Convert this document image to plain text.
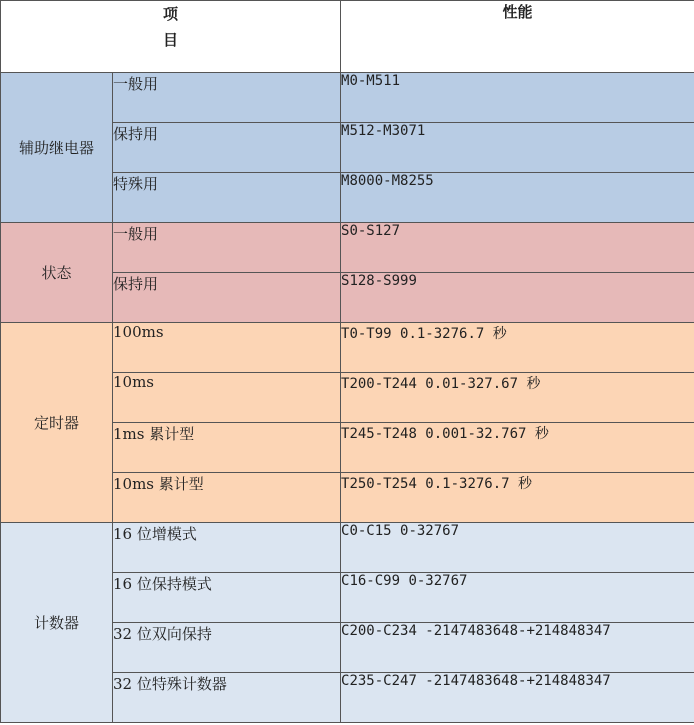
项
目		性能
辅助继电器	一般用	M0-M511
	保持用	M512-M3071
	特殊用	M8000-M8255
状态	一般用	S0-S127
	保持用	S128-S999
定时器	100ms	T0-T99 0.1-3276.7 秒
	10ms	T200-T244 0.01-327.67 秒
	1ms 累计型	T245-T248 0.001-32.767 秒
	10ms 累计型	T250-T254 0.1-3276.7 秒
计数器	16 位增模式	C0-C15 0-32767
	16 位保持模式	C16-C99 0-32767
	32 位双向保持	C200-C234 -2147483648-+214848347
	32 位特殊计数器	C235-C247 -2147483648-+214848347
